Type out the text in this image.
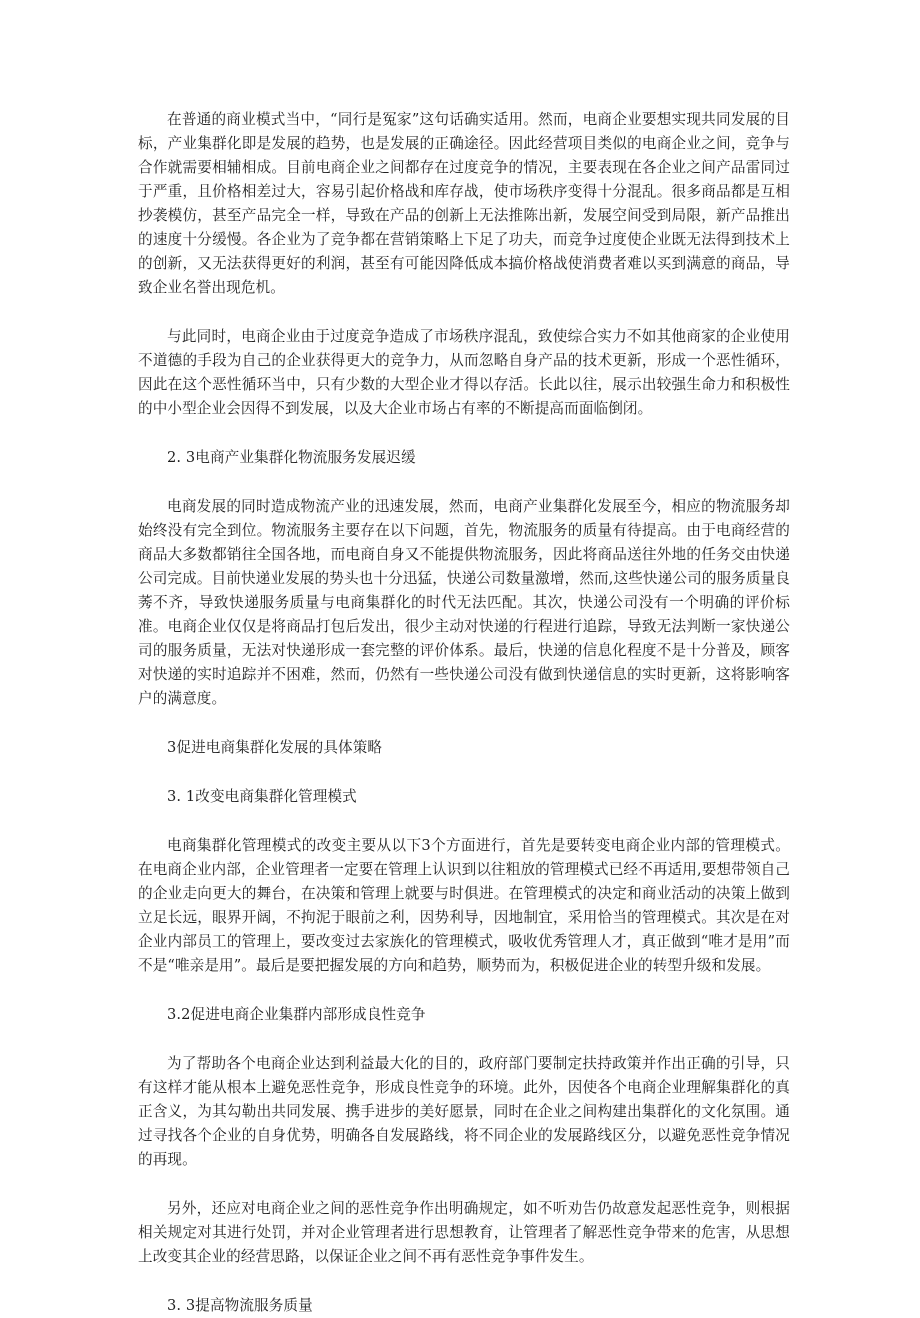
在普通的商业模式当中，“同行是冤家”这句话确实适用。然而，电商企业要想实现共同发展的目标，产业集群化即是发展的趋势，也是发展的正确途径。因此经营项目类似的电商企业之间，竞争与合作就需要相辅相成。目前电商企业之间都存在过度竞争的情况，主要表现在各企业之间产品雷同过于严重，且价格相差过大，容易引起价格战和库存战，使市场秩序变得十分混乱。很多商品都是互相抄袭模仿，甚至产品完全一样，导致在产品的创新上无法推陈出新，发展空间受到局限，新产品推出的速度十分缓慢。各企业为了竞争都在营销策略上下足了功夫，而竞争过度使企业既无法得到技术上的创新，又无法获得更好的利润，甚至有可能因降低成本搞价格战使消费者难以买到满意的商品，导致企业名誉出现危机。

与此同时，电商企业由于过度竞争造成了市场秩序混乱，致使综合实力不如其他商家的企业使用不道德的手段为自己的企业获得更大的竞争力，从而忽略自身产品的技术更新，形成一个恶性循环，因此在这个恶性循环当中，只有少数的大型企业才得以存活。长此以往，展示出较强生命力和积极性的中小型企业会因得不到发展，以及大企业市场占有率的不断提高而面临倒闭。

2. 3电商产业集群化物流服务发展迟缓

电商发展的同时造成物流产业的迅速发展，然而，电商产业集群化发展至今，相应的物流服务却始终没有完全到位。物流服务主要存在以下问题，首先，物流服务的质量有待提高。由于电商经营的商品大多数都销往全国各地，而电商自身又不能提供物流服务，因此将商品送往外地的任务交由快递公司完成。目前快递业发展的势头也十分迅猛，快递公司数量激增，然而,这些快递公司的服务质量良莠不齐，导致快递服务质量与电商集群化的时代无法匹配。其次，快递公司没有一个明确的评价标准。电商企业仅仅是将商品打包后发出，很少主动对快递的行程进行追踪，导致无法判断一家快递公司的服务质量，无法对快递形成一套完整的评价体系。最后，快递的信息化程度不是十分普及，顾客对快递的实时追踪并不困难，然而，仍然有一些快递公司没有做到快递信息的实时更新，这将影响客户的满意度。

3促进电商集群化发展的具体策略

3. 1改变电商集群化管理模式

电商集群化管理模式的改变主要从以下3个方面进行，首先是要转变电商企业内部的管理模式。在电商企业内部，企业管理者一定要在管理上认识到以往粗放的管理模式已经不再适用,要想带领自己的企业走向更大的舞台，在决策和管理上就要与时俱进。在管理模式的决定和商业活动的决策上做到立足长远，眼界开阔，不拘泥于眼前之利，因势利导，因地制宜，采用恰当的管理模式。其次是在对企业内部员工的管理上，要改变过去家族化的管理模式，吸收优秀管理人才，真正做到“唯才是用”而不是“唯亲是用”。最后是要把握发展的方向和趋势，顺势而为，积极促进企业的转型升级和发展。

3.2促进电商企业集群内部形成良性竞争

为了帮助各个电商企业达到利益最大化的目的，政府部门要制定扶持政策并作出正确的引导，只有这样才能从根本上避免恶性竞争，形成良性竞争的环境。此外，因使各个电商企业理解集群化的真正含义，为其勾勒出共同发展、携手进步的美好愿景，同时在企业之间构建出集群化的文化氛围。通过寻找各个企业的自身优势，明确各自发展路线，将不同企业的发展路线区分，以避免恶性竞争情况的再现。

另外，还应对电商企业之间的恶性竞争作出明确规定，如不听劝告仍故意发起恶性竞争，则根据相关规定对其进行处罚，并对企业管理者进行思想教育，让管理者了解恶性竞争带来的危害，从思想上改变其企业的经营思路，以保证企业之间不再有恶性竞争事件发生。

3. 3提高物流服务质量
